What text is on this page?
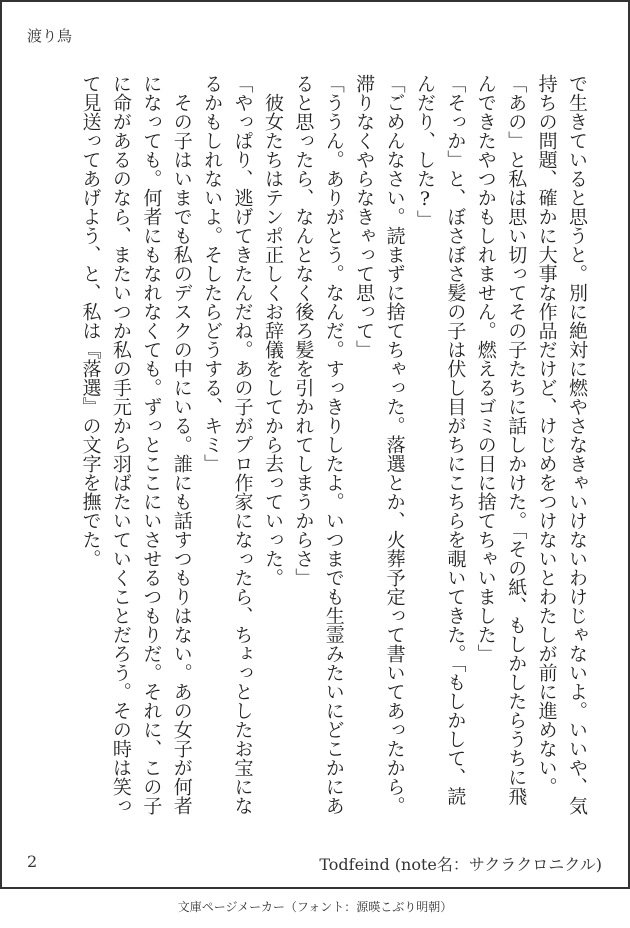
渡り鳥

で生きていると思うと。別に絶対に燃やさなきゃいけないわけじゃないよ。いいや、気

持ちの問題、確かに大事な作品だけど、けじめをつけないとわたしが前に進めない。

「あの」と私は思い切ってその子たちに話しかけた。「その紙、もしかしたらうちに飛

んできたやつかもしれません。燃えるゴミの日に捨てちゃいました」

「そっか」と、ぼさぼさ髪の子は伏し目がちにこちらを覗いてきた。「もしかして、読

んだり、した?」

「ごめんなさい。読まずに捨てちゃった。落選とか、火葬予定って書いてあったから。

滞りなくやらなきゃって思って」

「ううん。ありがとう。なんだ。すっきりしたよ。いつまでも生霊みたいにどこかにあ

ると思ったら、なんとなく後ろ髪を引かれてしまうからさ」

　彼女たちはテンポ正しくお辞儀をしてから去っていった。

「やっぱり、逃げてきたんだね。あの子がプロ作家になったら、ちょっとしたお宝にな

るかもしれないよ。そしたらどうする、キミ」

　その子はいまでも私のデスクの中にいる。誰にも話すつもりはない。あの女子が何者

になっても。何者にもなれなくても。ずっとここにいさせるつもりだ。それに、この子

に命があるのなら、またいつか私の手元から羽ばたいていくことだろう。その時は笑っ

て見送ってあげよう、と、私は『落選』の文字を撫でた。

2	Todfeind (note名：サクラクロニクル)
文庫ページメーカー（フォント：源暎こぶり明朝）
